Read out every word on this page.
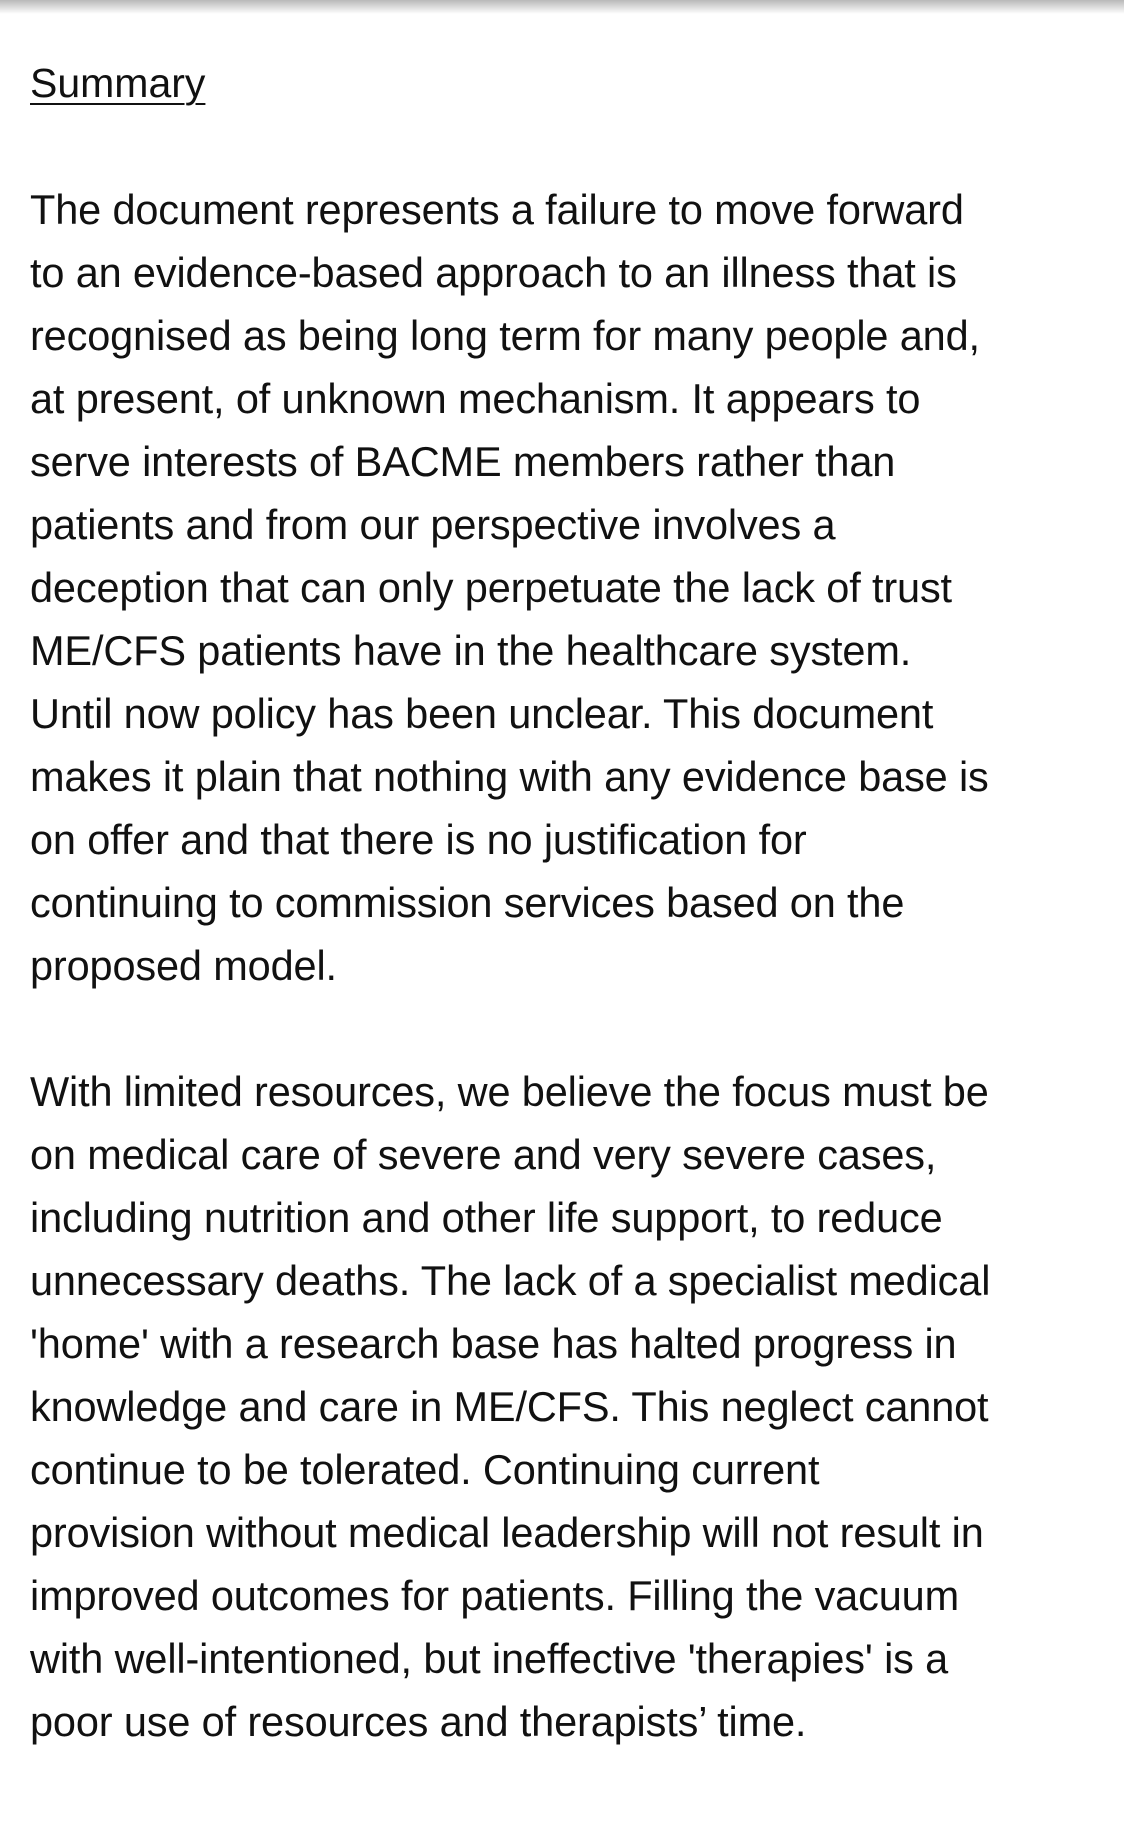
Summary

The document represents a failure to move forward
to an evidence-based approach to an illness that is
recognised as being long term for many people and,
at present, of unknown mechanism. It appears to
serve interests of BACME members rather than
patients and from our perspective involves a
deception that can only perpetuate the lack of trust
ME/CFS patients have in the healthcare system.
Until now policy has been unclear. This document
makes it plain that nothing with any evidence base is
on offer and that there is no justification for
continuing to commission services based on the
proposed model.

With limited resources, we believe the focus must be
on medical care of severe and very severe cases,
including nutrition and other life support, to reduce
unnecessary deaths. The lack of a specialist medical
'home' with a research base has halted progress in
knowledge and care in ME/CFS. This neglect cannot
continue to be tolerated. Continuing current
provision without medical leadership will not result in
improved outcomes for patients. Filling the vacuum
with well-intentioned, but ineffective 'therapies' is a
poor use of resources and therapists’ time.
